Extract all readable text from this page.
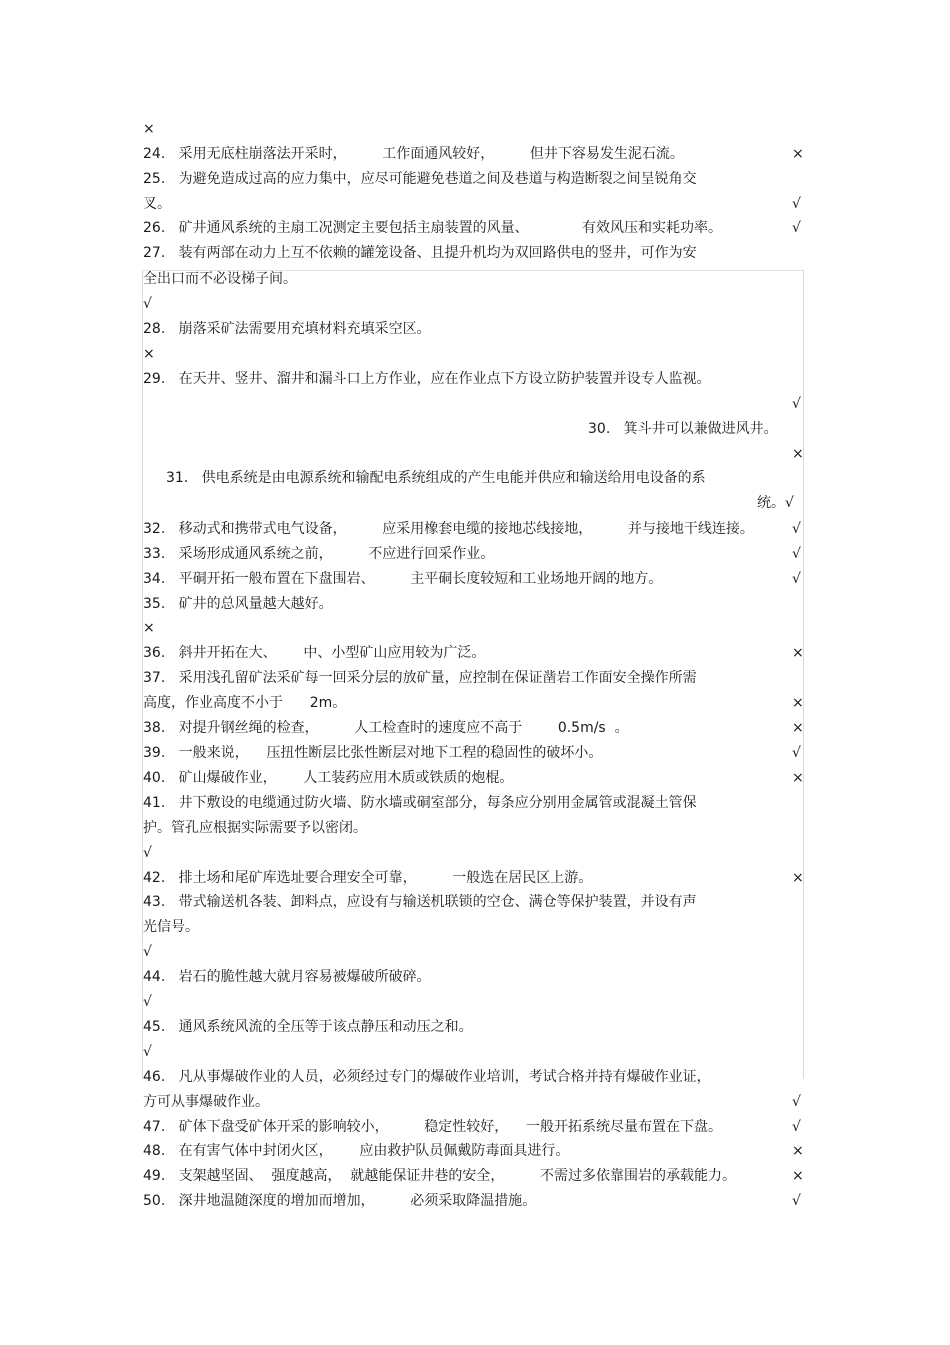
×
24.   采用无底柱崩落法开采时，        工作面通风较好，        但井下容易发生泥石流。
25.   为避免造成过高的应力集中，应尽可能避免巷道之间及巷道与构造断裂之间呈锐角交
叉。
26.   矿井通风系统的主扇工况测定主要包括主扇装置的风量、            有效风压和实耗功率。
27.   装有两部在动力上互不依赖的罐笼设备、且提升机均为双回路供电的竖井，可作为安
全出口而不必设梯子间。
√
28.   崩落采矿法需要用充填材料充填采空区。
×
29.   在天井、竖井、溜井和漏斗口上方作业，应在作业点下方设立防护装置并设专人监视。
√
30.   箕斗井可以兼做进风井。
×
31.   供电系统是由电源系统和输配电系统组成的产生电能并供应和输送给用电设备的系
统。√
32.   移动式和携带式电气设备，        应采用橡套电缆的接地芯线接地，        并与接地干线连接。
33.   采场形成通风系统之前，        不应进行回采作业。
34.   平硐开拓一般布置在下盘围岩、        主平硐长度较短和工业场地开阔的地方。
35.   矿井的总风量越大越好。
×
36.   斜井开拓在大、      中、小型矿山应用较为广泛。
37.   采用浅孔留矿法采矿每一回采分层的放矿量，应控制在保证凿岩工作面安全操作所需
高度，作业高度不小于      2m。
38.   对提升钢丝绳的检查，        人工检查时的速度应不高于        0.5m/s  。
39.   一般来说，    压扭性断层比张性断层对地下工程的稳固性的破坏小。
40.   矿山爆破作业，      人工装药应用木质或铁质的炮棍。
41.   井下敷设的电缆通过防火墙、防水墙或硐室部分，每条应分别用金属管或混凝土管保
护。管孔应根据实际需要予以密闭。
√
42.   排土场和尾矿库选址要合理安全可靠，        一般选在居民区上游。
43.   带式输送机各装、卸料点，应设有与输送机联锁的空仓、满仓等保护装置，并设有声
光信号。
√
44.   岩石的脆性越大就月容易被爆破所破碎。
√
45.   通风系统风流的全压等于该点静压和动压之和。
√
46.   凡从事爆破作业的人员，必须经过专门的爆破作业培训，考试合格并持有爆破作业证，
方可从事爆破作业。
47.   矿体下盘受矿体开采的影响较小，        稳定性较好，    一般开拓系统尽量布置在下盘。
48.   在有害气体中封闭火区，      应由救护队员佩戴防毒面具进行。
49.   支架越坚固、  强度越高，  就越能保证井巷的安全，        不需过多依靠围岩的承载能力。
50.   深井地温随深度的增加而增加，        必须采取降温措施。
×
√
√
√
√
√
×
×
×
√
×
×
√
√
×
×
√
